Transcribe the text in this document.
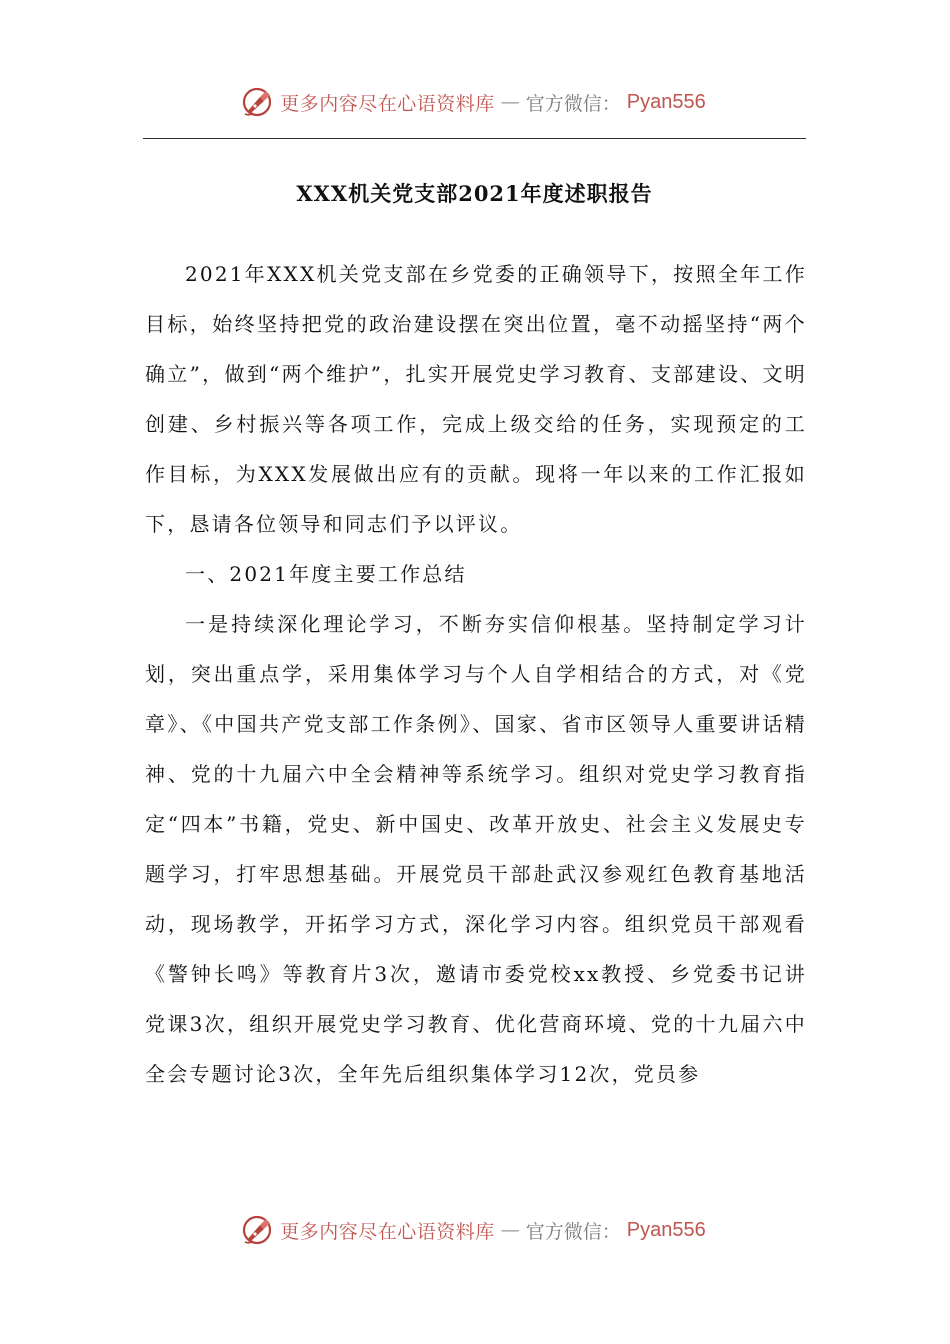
更多内容尽在心语资料库 — 官方微信： Pyan556
XXX机关党支部2021年度述职报告

2021年XXX机关党支部在乡党委的正确领导下，按照全年工作目标，始终坚持把党的政治建设摆在突出位置，毫不动摇坚持“两个确立”，做到“两个维护”，扎实开展党史学习教育、支部建设、文明创建、乡村振兴等各项工作，完成上级交给的任务，实现预定的工作目标，为XXX发展做出应有的贡献。现将一年以来的工作汇报如下，恳请各位领导和同志们予以评议。

一、2021年度主要工作总结

一是持续深化理论学习，不断夯实信仰根基。坚持制定学习计划，突出重点学，采用集体学习与个人自学相结合的方式，对《党章》、《中国共产党支部工作条例》、国家、省市区领导人重要讲话精神、党的十九届六中全会精神等系统学习。组织对党史学习教育指定“四本”书籍，党史、新中国史、改革开放史、社会主义发展史专题学习，打牢思想基础。开展党员干部赴武汉参观红色教育基地活动，现场教学，开拓学习方式，深化学习内容。组织党员干部观看《警钟长鸣》等教育片3次，邀请市委党校xx教授、乡党委书记讲党课3次，组织开展党史学习教育、优化营商环境、党的十九届六中全会专题讨论3次，全年先后组织集体学习12次，党员参

更多内容尽在心语资料库 — 官方微信： Pyan556
